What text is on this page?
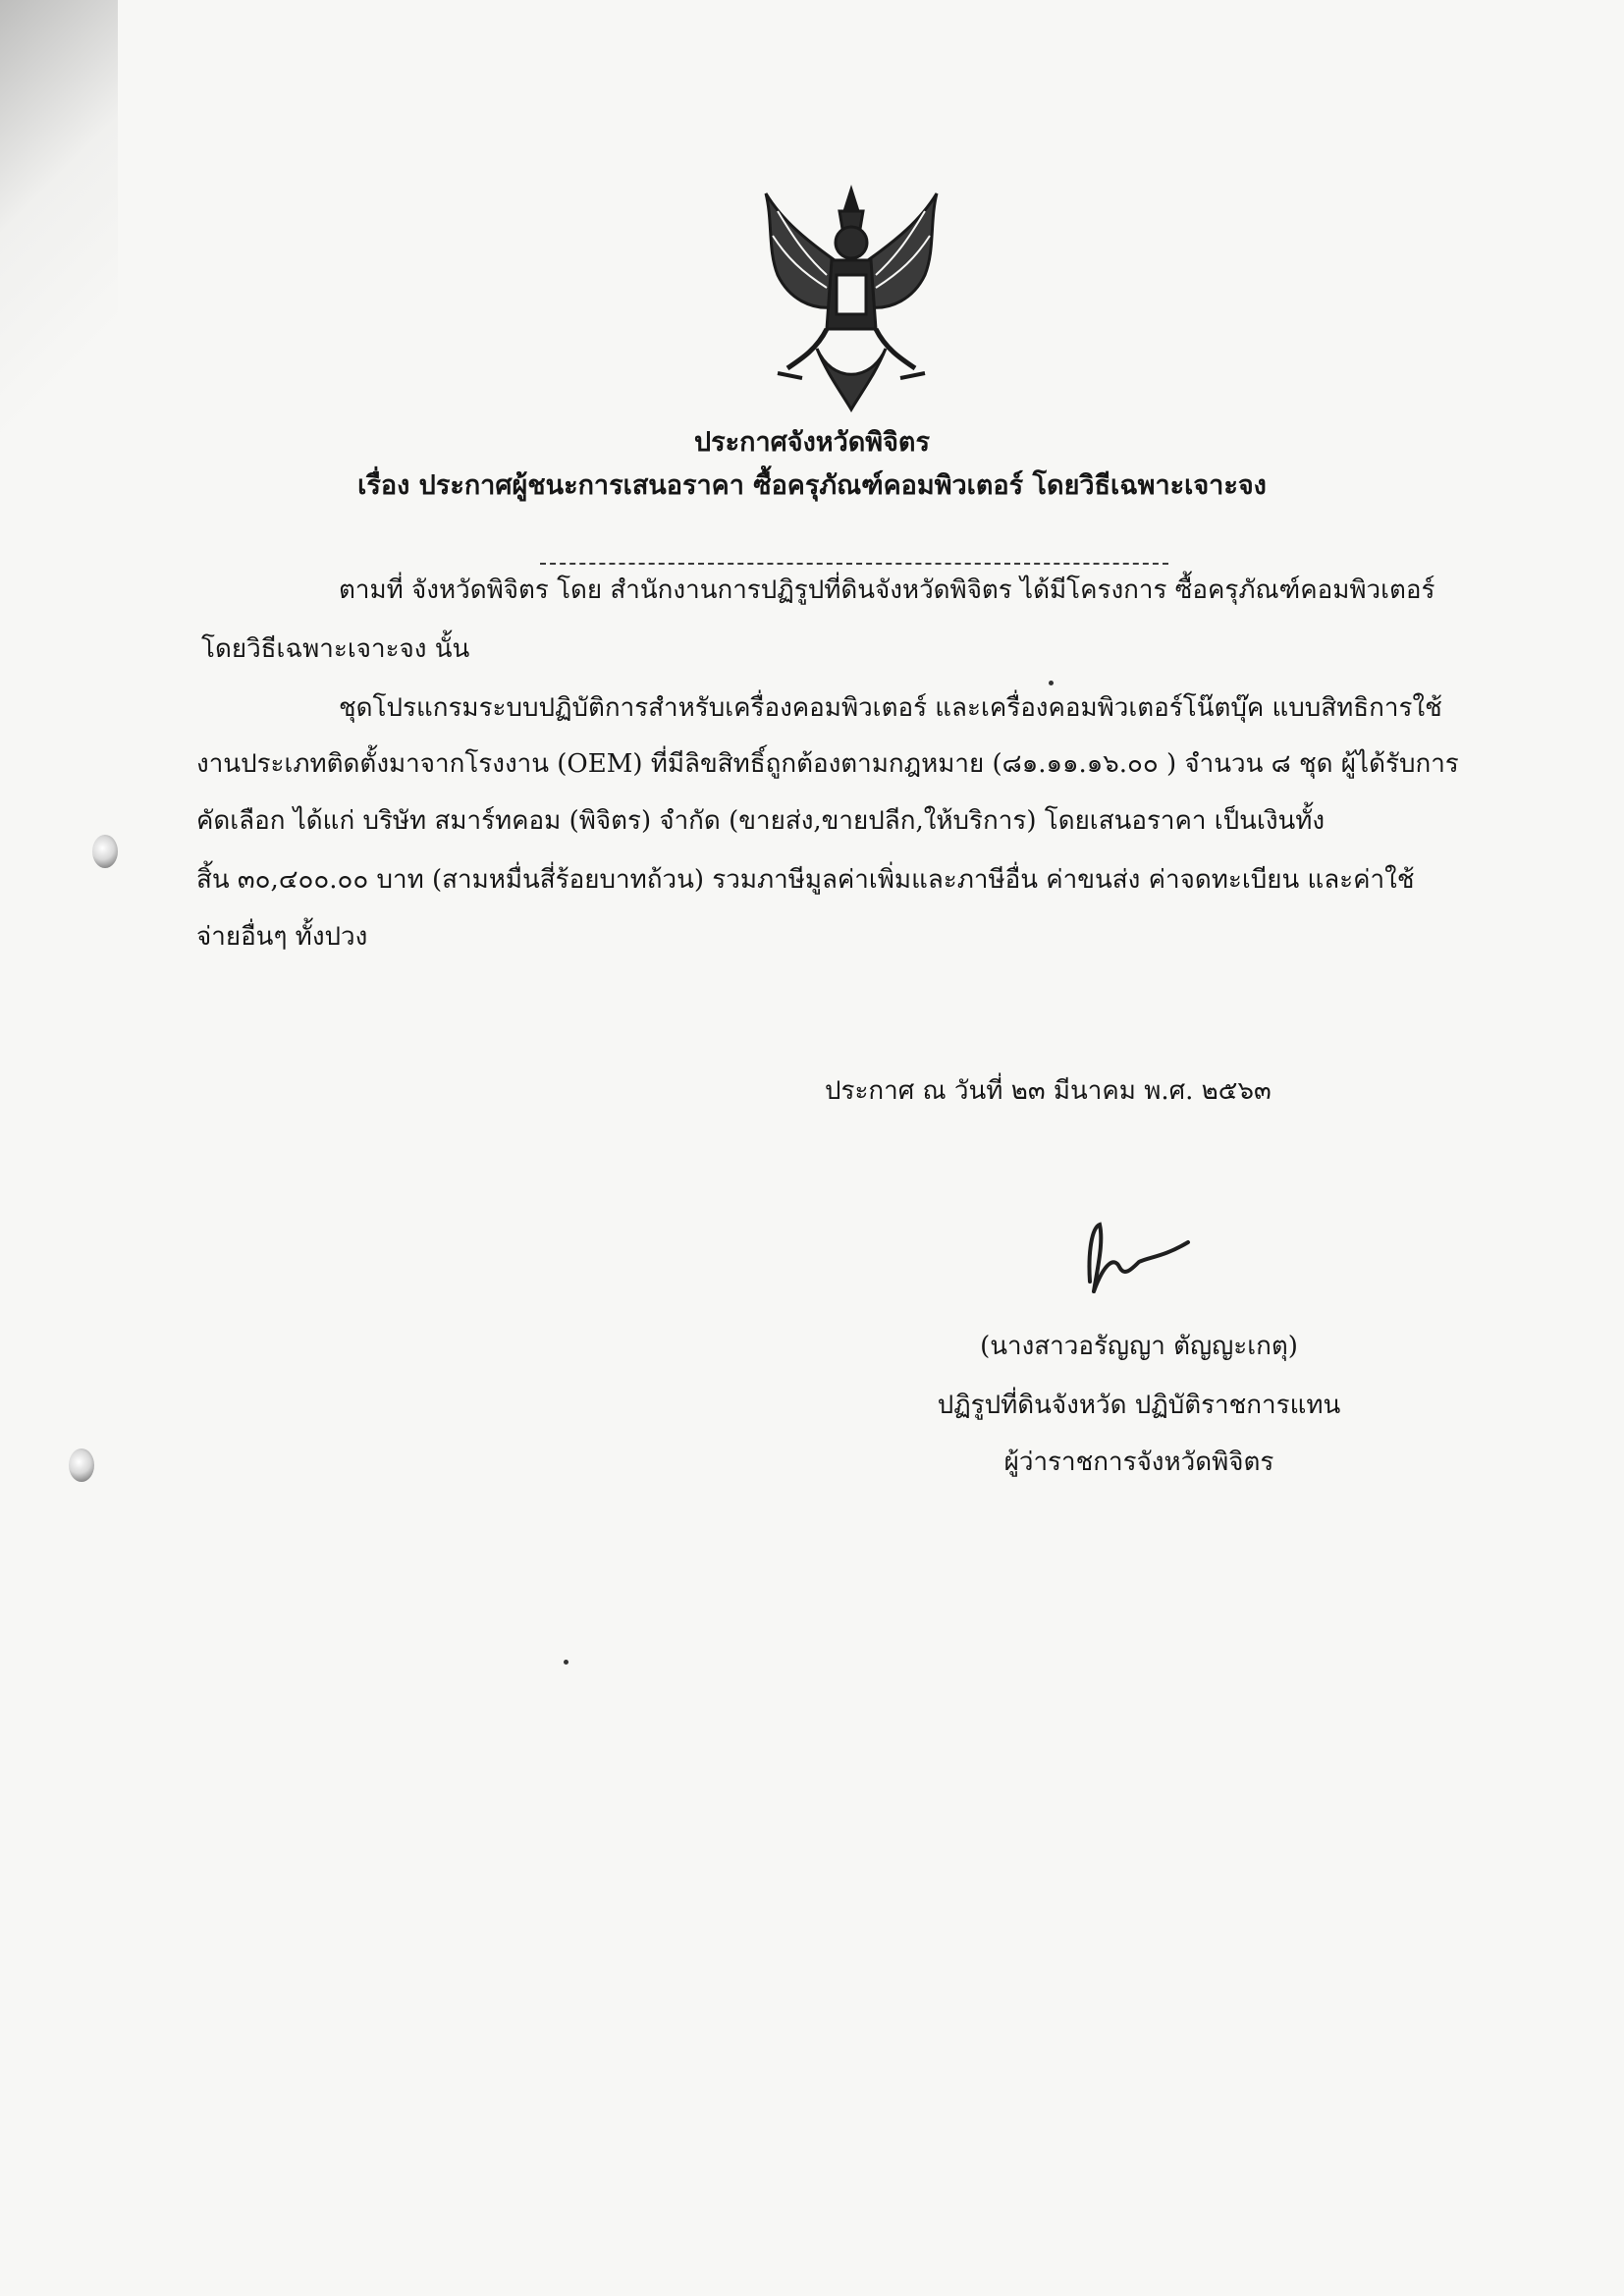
ประกาศจังหวัดพิจิตร
เรื่อง ประกาศผู้ชนะการเสนอราคา ซื้อครุภัณฑ์คอมพิวเตอร์ โดยวิธีเฉพาะเจาะจง
ตามที่ จังหวัดพิจิตร โดย สำนักงานการปฏิรูปที่ดินจังหวัดพิจิตร ได้มีโครงการ ซื้อครุภัณฑ์คอมพิวเตอร์
โดยวิธีเฉพาะเจาะจง นั้น
ชุดโปรแกรมระบบปฏิบัติการสำหรับเครื่องคอมพิวเตอร์ และเครื่องคอมพิวเตอร์โน๊ตบุ๊ค แบบสิทธิการใช้
งานประเภทติดตั้งมาจากโรงงาน (OEM) ที่มีลิขสิทธิ์ถูกต้องตามกฎหมาย (๘๑.๑๑.๑๖.๐๐ ) จำนวน ๘ ชุด ผู้ได้รับการ
คัดเลือก ได้แก่ บริษัท สมาร์ทคอม (พิจิตร) จำกัด (ขายส่ง,ขายปลีก,ให้บริการ) โดยเสนอราคา เป็นเงินทั้ง
สิ้น ๓๐,๔๐๐.๐๐ บาท (สามหมื่นสี่ร้อยบาทถ้วน) รวมภาษีมูลค่าเพิ่มและภาษีอื่น ค่าขนส่ง ค่าจดทะเบียน และค่าใช้
จ่ายอื่นๆ ทั้งปวง
ประกาศ ณ วันที่ ๒๓ มีนาคม พ.ศ. ๒๕๖๓
(นางสาวอรัญญา ตัญญะเกตุ)
ปฏิรูปที่ดินจังหวัด ปฏิบัติราชการแทน
ผู้ว่าราชการจังหวัดพิจิตร
